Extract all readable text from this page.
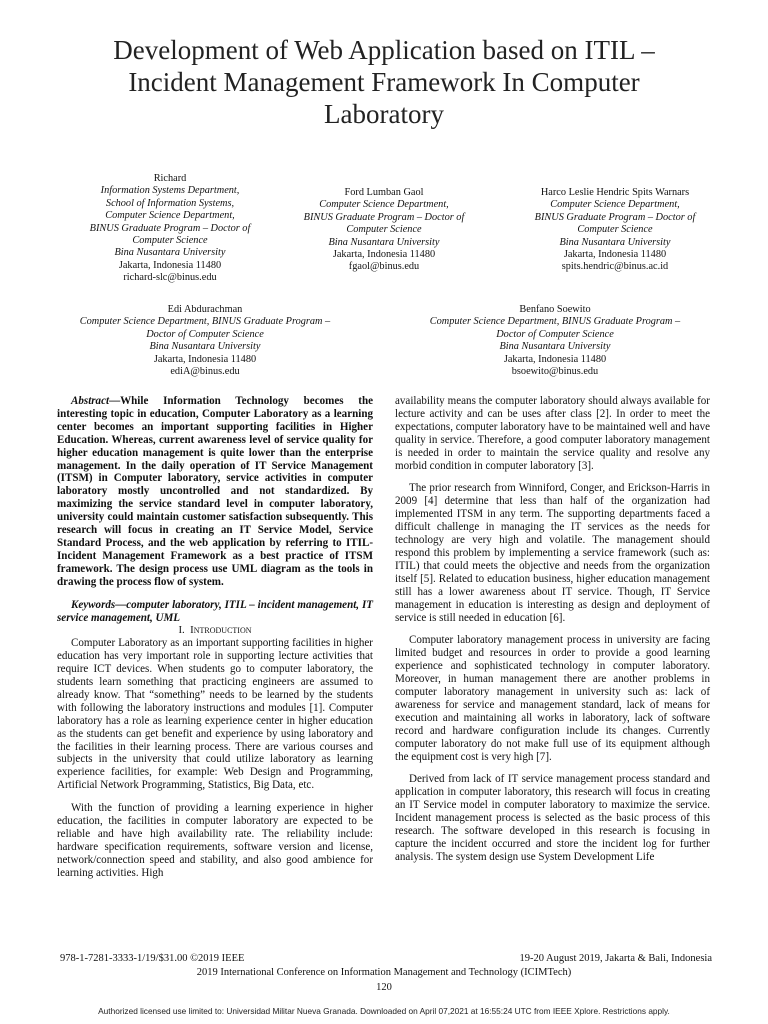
Development of Web Application based on ITIL –
Incident Management Framework In Computer
Laboratory
Richard
Information Systems Department,
School of Information Systems,
Computer Science Department,
BINUS Graduate Program – Doctor of
Computer Science
Bina Nusantara University
Jakarta, Indonesia 11480
richard-slc@binus.edu
Ford Lumban Gaol
Computer Science Department,
BINUS Graduate Program – Doctor of
Computer Science
Bina Nusantara University
Jakarta, Indonesia 11480
fgaol@binus.edu
Harco Leslie Hendric Spits Warnars
Computer Science Department,
BINUS Graduate Program – Doctor of
Computer Science
Bina Nusantara University
Jakarta, Indonesia 11480
spits.hendric@binus.ac.id
Edi Abdurachman
Computer Science Department, BINUS Graduate Program –
Doctor of Computer Science
Bina Nusantara University
Jakarta, Indonesia 11480
ediA@binus.edu
Benfano Soewito
Computer Science Department, BINUS Graduate Program –
Doctor of Computer Science
Bina Nusantara University
Jakarta, Indonesia 11480
bsoewito@binus.edu

Abstract—While Information Technology becomes the interesting topic in education, Computer Laboratory as a learning center becomes an important supporting facilities in Higher Education. Whereas, current awareness level of service quality for higher education management is quite lower than the enterprise management. In the daily operation of IT Service Management (ITSM) in Computer laboratory, service activities in computer laboratory mostly uncontrolled and not standardized. By maximizing the service standard level in computer laboratory, university could maintain customer satisfaction subsequently. This research will focus in creating an IT Service Model, Service Standard Process, and the web application by referring to ITIL-Incident Management Framework as a best practice of ITSM framework. The design process use UML diagram as the tools in drawing the process flow of system.

Keywords—computer laboratory, ITIL – incident management, IT service management, UML

I. Introduction

Computer Laboratory as an important supporting facilities in higher education has very important role in supporting lecture activities that require ICT devices. When students go to computer laboratory, the students learn something that practicing engineers are assumed to already know. That “something” needs to be learned by the students with following the laboratory instructions and modules [1]. Computer laboratory has a role as learning experience center in higher education as the students can get benefit and experience by using laboratory and the facilities in their learning process. There are various courses and subjects in the university that could utilize laboratory as learning experience facilities, for example: Web Design and Programming, Artificial Network Programming, Statistics, Big Data, etc.

With the function of providing a learning experience in higher education, the facilities in computer laboratory are expected to be reliable and have high availability rate. The reliability include: hardware specification requirements, software version and license, network/connection speed and stability, and also good ambience for learning activities. High

availability means the computer laboratory should always available for lecture activity and can be uses after class [2]. In order to meet the expectations, computer laboratory have to be maintained well and have quality in service. Therefore, a good computer laboratory management is needed in order to maintain the service quality and resolve any morbid condition in computer laboratory [3].

The prior research from Winniford, Conger, and Erickson-Harris in 2009 [4] determine that less than half of the organization had implemented ITSM in any term. The supporting departments faced a difficult challenge in managing the IT services as the needs for technology are very high and volatile. The management should respond this problem by implementing a service framework (such as: ITIL) that could meets the objective and needs from the organization itself [5]. Related to education business, higher education management still has a lower awareness about IT service. Though, IT Service management in education is interesting as design and deployment of service is still needed in education [6].

Computer laboratory management process in university are facing limited budget and resources in order to provide a good learning experience and sophisticated technology in computer laboratory. Moreover, in human management there are another problems in computer laboratory management in university such as: lack of awareness for service and management standard, lack of means for execution and maintaining all works in laboratory, lack of software record and hardware configuration include its changes. Currently computer laboratory do not make full use of its equipment although the equipment cost is very high [7].

Derived from lack of IT service management process standard and application in computer laboratory, this research will focus in creating an IT Service model in computer laboratory to maximize the service. Incident management process is selected as the basic process of this research. The software developed in this research is focusing in capture the incident occurred and store the incident log for further analysis. The system design use System Development Life

978-1-7281-3333-1/19/$31.00 ©2019 IEEE	19-20 August 2019, Jakarta & Bali, Indonesia
2019 International Conference on Information Management and Technology (ICIMTech)
120
Authorized licensed use limited to: Universidad Militar Nueva Granada. Downloaded on April 07,2021 at 16:55:24 UTC from IEEE Xplore. Restrictions apply.
